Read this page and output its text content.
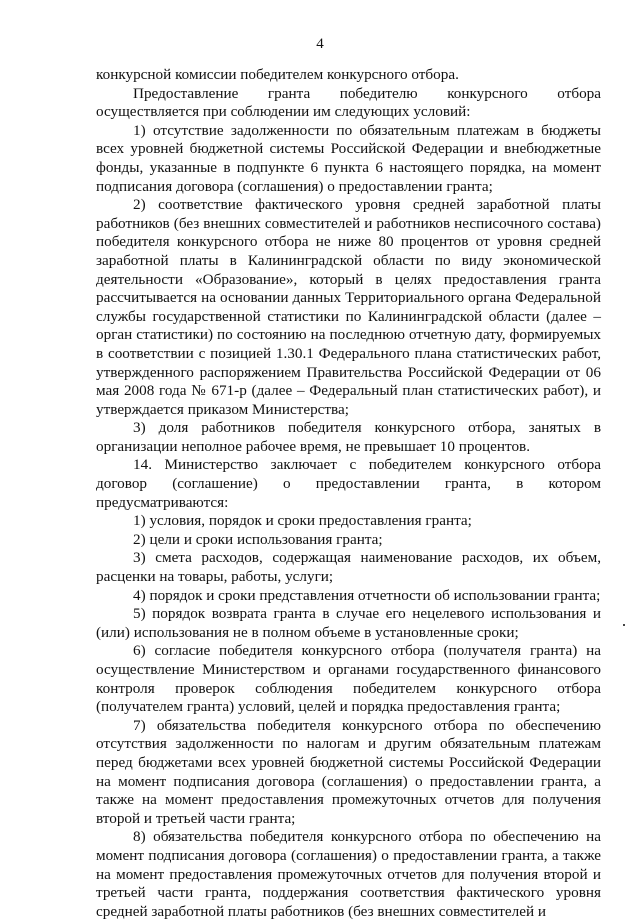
4

конкурсной комиссии победителем конкурсного отбора.

Предоставление гранта победителю конкурсного отбора осуществляется при соблюдении им следующих условий:

1) отсутствие задолженности по обязательным платежам в бюджеты всех уровней бюджетной системы Российской Федерации и внебюджетные фонды, указанные в подпункте 6 пункта 6 настоящего порядка, на момент подписания договора (соглашения) о предоставлении гранта;

2) соответствие фактического уровня средней заработной платы работников (без внешних совместителей и работников несписочного состава) победителя конкурсного отбора не ниже 80 процентов от уровня средней заработной платы в Калининградской области по виду экономической деятельности «Образование», который в целях предоставления гранта рассчитывается на основании данных Территориального органа Федеральной службы государственной статистики по Калининградской области (далее – орган статистики) по состоянию на последнюю отчетную дату, формируемых в соответствии с позицией 1.30.1 Федерального плана статистических работ, утвержденного распоряжением Правительства Российской Федерации от 06 мая 2008 года № 671-р (далее – Федеральный план статистических работ), и утверждается приказом Министерства;

3) доля работников победителя конкурсного отбора, занятых в организации неполное рабочее время, не превышает 10 процентов.

14. Министерство заключает с победителем конкурсного отбора договор (соглашение) о предоставлении гранта, в котором предусматриваются:

1) условия, порядок и сроки предоставления гранта;

2) цели и сроки использования гранта;

3) смета расходов, содержащая наименование расходов, их объем, расценки на товары, работы, услуги;

4) порядок и сроки представления отчетности об использовании гранта;

5) порядок возврата гранта в случае его нецелевого использования и (или) использования не в полном объеме в установленные сроки;

6) согласие победителя конкурсного отбора (получателя гранта) на осуществление Министерством и органами государственного финансового контроля проверок соблюдения победителем конкурсного отбора (получателем гранта) условий, целей и порядка предоставления гранта;

7) обязательства победителя конкурсного отбора по обеспечению отсутствия задолженности по налогам и другим обязательным платежам перед бюджетами всех уровней бюджетной системы Российской Федерации на момент подписания договора (соглашения) о предоставлении гранта, а также на момент предоставления промежуточных отчетов для получения второй и третьей части гранта;

8) обязательства победителя конкурсного отбора по обеспечению на момент подписания договора (соглашения) о предоставлении гранта, а также на момент предоставления промежуточных отчетов для получения второй и третьей части гранта, поддержания соответствия фактического уровня средней заработной платы работников (без внешних совместителей и
